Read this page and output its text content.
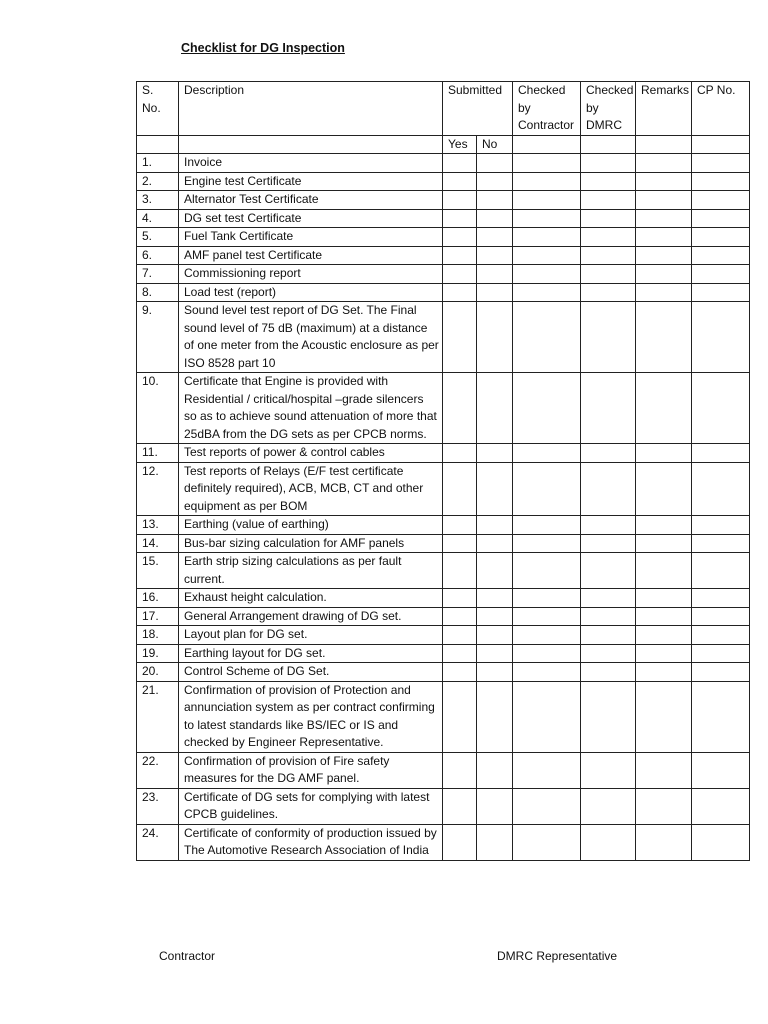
Checklist for DG Inspection
S. No.	Description	Submitted		Checked by Contractor	Checked by DMRC	Remarks	CP No.
		Yes	No				
1.	Invoice						
2.	Engine test Certificate						
3.	Alternator Test Certificate						
4.	DG set test Certificate						
5.	Fuel Tank Certificate						
6.	AMF panel test Certificate						
7.	Commissioning report						
8.	Load test (report)						
9.	Sound level test report of DG Set. The Final sound level of 75 dB (maximum) at a distance of one meter from the Acoustic enclosure as per ISO 8528 part 10						
10.	Certificate that Engine is provided with Residential / critical/hospital –grade silencers so as to achieve sound attenuation of more that 25dBA from the DG sets as per CPCB norms.						
11.	Test reports of power & control cables						
12.	Test reports of Relays (E/F test certificate definitely required), ACB, MCB, CT and other equipment as per BOM						
13.	Earthing (value of earthing)						
14.	Bus-bar sizing calculation for AMF panels						
15.	Earth strip sizing calculations as per fault current.						
16.	Exhaust height calculation.						
17.	General Arrangement drawing of DG set.						
18.	Layout plan for DG set.						
19.	Earthing layout for DG set.						
20.	Control Scheme of DG Set.						
21.	Confirmation of provision of Protection and annunciation system as per contract confirming to latest standards like BS/IEC or IS and checked by Engineer Representative.						
22.	Confirmation of provision of Fire safety measures for the DG AMF panel.						
23.	Certificate of DG sets for complying with latest CPCB guidelines.						
24.	Certificate of conformity of production issued by The Automotive Research Association of India						
Contractor	DMRC Representative
